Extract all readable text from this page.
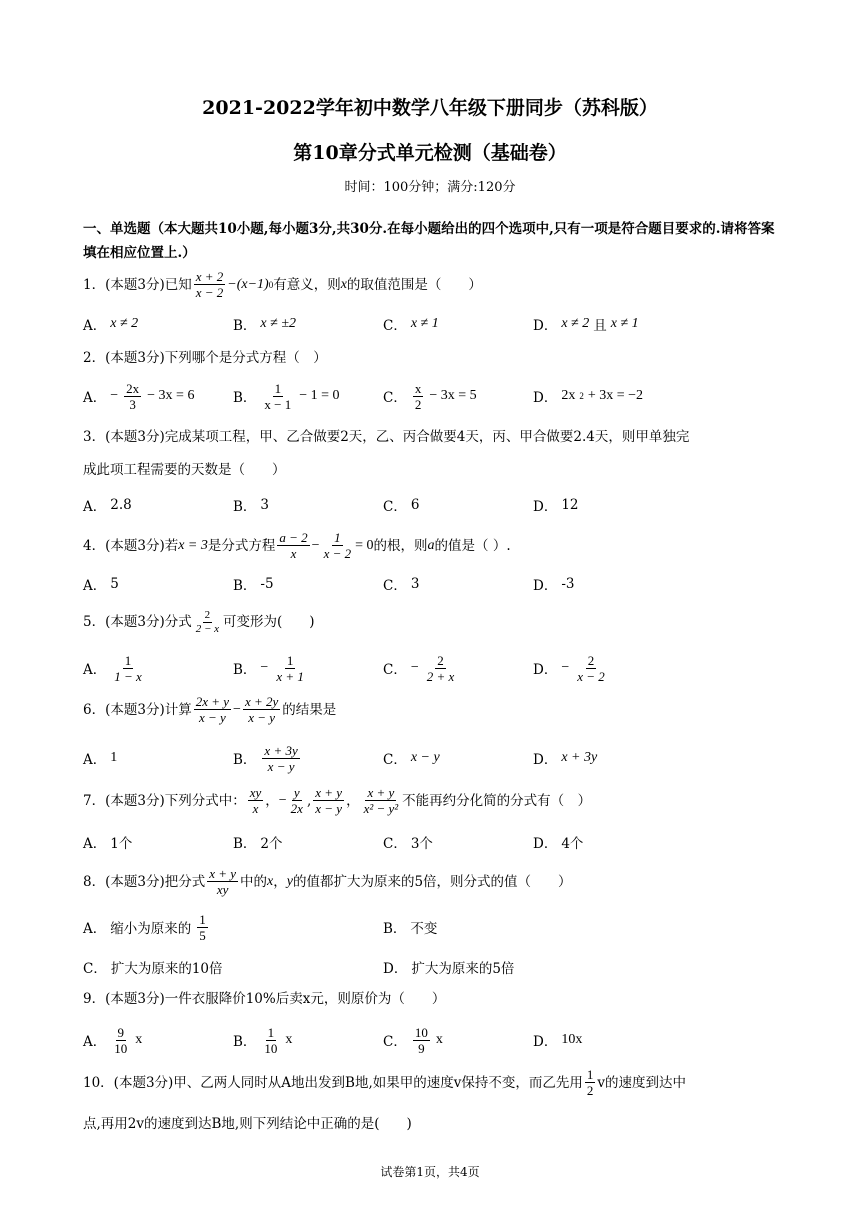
2021-2022学年初中数学八年级下册同步（苏科版）
第10章分式单元检测（基础卷）
时间：100分钟；满分:120分
一、单选题（本大题共10小题,每小题3分,共30分.在每小题给出的四个选项中,只有一项是符合题目要求的.请将答案填在相应位置上.）
1． (本题3分)已知 $\frac{x + 2}{x - 2} -(x-1)$ 0 有意义，则 x 的取值范围是（　　）
A． x ≠ 2	B． x ≠ ±2	C． x ≠ 1	D． x ≠ 2 且 x ≠ 1
2．(本题3分)下列哪个是分式方程（　）
A． − $\frac{2x}{3} - 3x = 6$	B． $\frac{1}{x - 1} - 1 = 0$	C． $\frac{x}{2} - 3x = 5$	D． 2x 2 + 3x = −2
3．(本题3分)完成某项工程，甲、乙合做要2天，乙、丙合做要4天，丙、甲合做要2.4天，则甲单独完
成此项工程需要的天数是（　　）
A． 2.8	B． 3	C． 6	D． 12
4．(本题3分)若 x = 3 是分式方程 $\frac{a - 2}{x} - \frac{1}{x - 2} = 0$ 的根，则 a 的值是（ ）.
A． 5	B． -5	C． 3	D． -3
5．(本题3分)分式 $\frac{2}{2 - x}$ 可变形为(　　)
A． $\frac{1}{1 - x}$	B． − $\frac{1}{x + 1}$	C． − $\frac{2}{2 + x}$	D． − $\frac{2}{x - 2}$
6．(本题3分)计算 $\frac{2x + y}{x - y} - \frac{x + 2y}{x - y}$ 的结果是
A． 1	B． $\frac{x + 3y}{x - y}$	C． x − y	D． x + 3y
7．(本题3分)下列分式中： $\frac{xy}{x}$ ， − $\frac{y}{2x}$ , $\frac{x + y}{x - y}$ ， $\frac{x + y}{\text{x² − y²}}$ 不能再约分化简的分式有（　）
A． 1个	B． 2个	C． 3个	D． 4个
8．(本题3分)把分式 $\frac{x + y}{xy}$ 中的 x ， y 的值都扩大为原来的5倍，则分式的值（　　）
A． 缩小为原来的 $\frac{1}{5}$	B． 不变
C． 扩大为原来的10倍	D． 扩大为原来的5倍
9．(本题3分)一件衣服降价10%后卖x元，则原价为（　　）
A． $\frac{9}{10}$ x	B． $\frac{1}{10}$ x	C． $\frac{10}{9}$ x	D． 10x
10．(本题3分)甲、乙两人同时从A地出发到B地,如果甲的速度v保持不变，而乙先用 $\frac{1}{2}$ v的速度到达中
点,再用2v的速度到达B地,则下列结论中正确的是(　　)
试卷第1页，共4页
